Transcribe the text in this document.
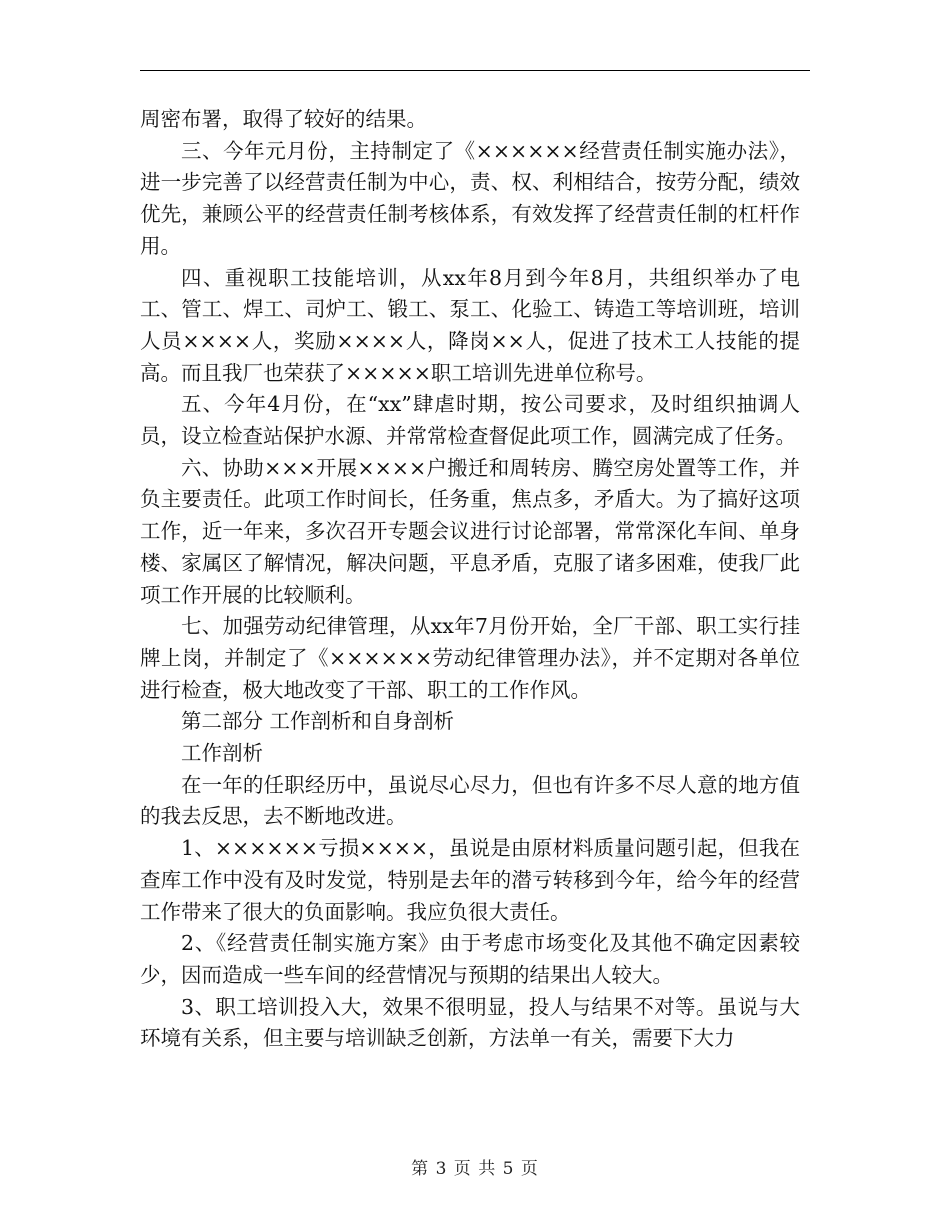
周密布署，取得了较好的结果。

三、今年元月份，主持制定了《××××××经营责任制实施办法》，进一步完善了以经营责任制为中心，责、权、利相结合，按劳分配，绩效优先，兼顾公平的经营责任制考核体系，有效发挥了经营责任制的杠杆作用。

四、重视职工技能培训，从xx年8月到今年8月，共组织举办了电工、管工、焊工、司炉工、锻工、泵工、化验工、铸造工等培训班，培训人员××××人，奖励××××人，降岗××人，促进了技术工人技能的提高。而且我厂也荣获了×××××职工培训先进单位称号。

五、今年4月份，在“xx”肆虐时期，按公司要求，及时组织抽调人员，设立检查站保护水源、并常常检查督促此项工作，圆满完成了任务。

六、协助×××开展××××户搬迁和周转房、腾空房处置等工作，并负主要责任。此项工作时间长，任务重，焦点多，矛盾大。为了搞好这项工作，近一年来，多次召开专题会议进行讨论部署，常常深化车间、单身楼、家属区了解情况，解决问题，平息矛盾，克服了诸多困难，使我厂此项工作开展的比较顺利。

七、加强劳动纪律管理，从xx年7月份开始，全厂干部、职工实行挂牌上岗，并制定了《××××××劳动纪律管理办法》，并不定期对各单位进行检查，极大地改变了干部、职工的工作作风。

第二部分 工作剖析和自身剖析

工作剖析

在一年的任职经历中，虽说尽心尽力，但也有许多不尽人意的地方值的我去反思，去不断地改进。

1、××××××亏损××××，虽说是由原材料质量问题引起，但我在查库工作中没有及时发觉，特别是去年的潜亏转移到今年，给今年的经营工作带来了很大的负面影响。我应负很大责任。

2、《经营责任制实施方案》由于考虑市场变化及其他不确定因素较少，因而造成一些车间的经营情况与预期的结果出人较大。

3、职工培训投入大，效果不很明显，投人与结果不对等。虽说与大环境有关系，但主要与培训缺乏创新，方法单一有关，需要下大力

第 3 页 共 5 页
